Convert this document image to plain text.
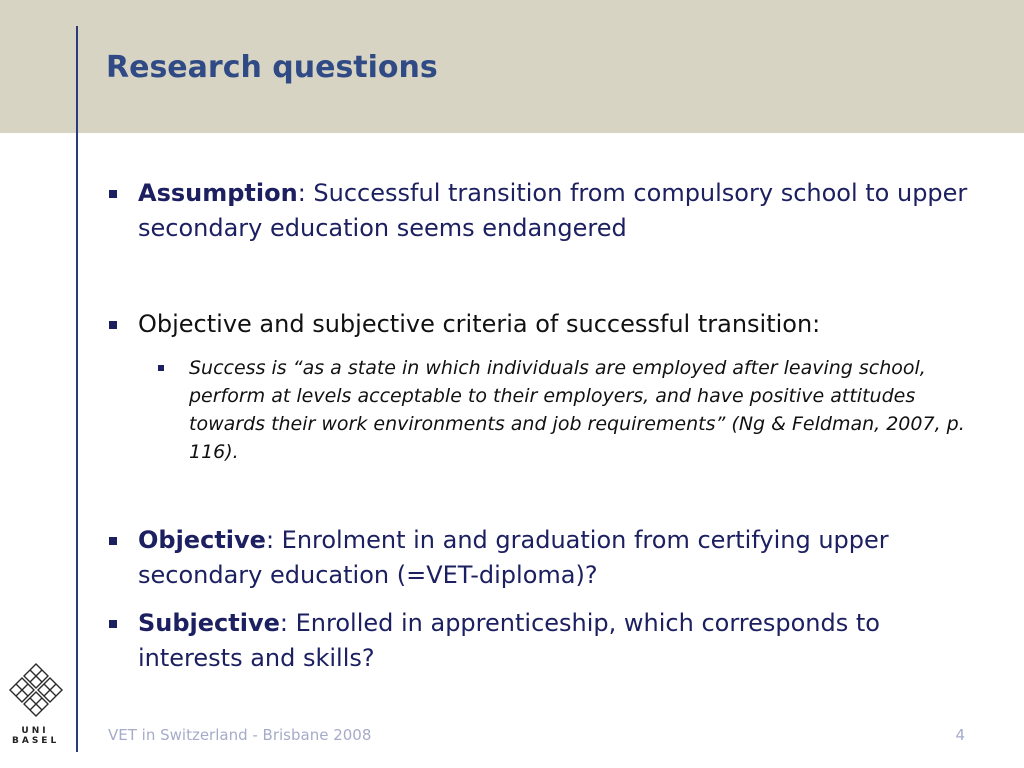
Research questions
Assumption: Successful transition from compulsory school to upper secondary education seems endangered
Objective and subjective criteria of successful transition:
Success is “as a state in which individuals are employed after leaving school, perform at levels acceptable to their employers, and have positive attitudes towards their work environments and job requirements” (Ng & Feldman, 2007, p. 116).
Objective: Enrolment in and graduation from certifying upper secondary education (=VET-diploma)?
Subjective: Enrolled in apprenticeship, which corresponds to interests and skills?
UNI
BASEL	VET in Switzerland - Brisbane 2008	4
